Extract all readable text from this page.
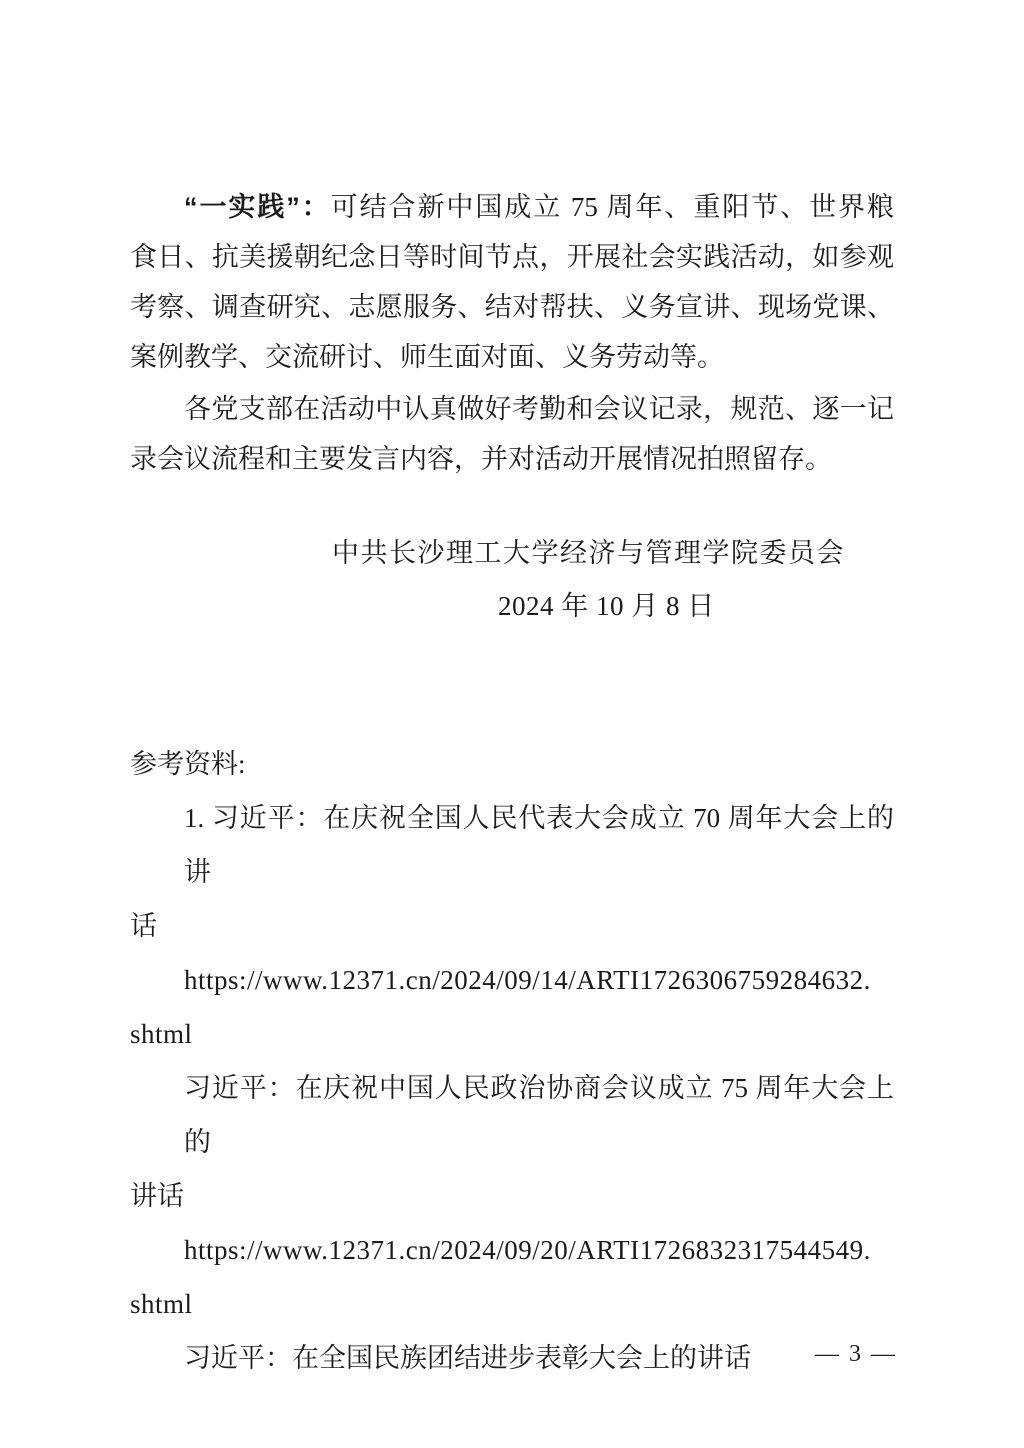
“一实践”：可结合新中国成立 75 周年、重阳节、世界粮
食日、抗美援朝纪念日等时间节点，开展社会实践活动，如参观
考察、调查研究、志愿服务、结对帮扶、义务宣讲、现场党课、
案例教学、交流研讨、师生面对面、义务劳动等。

各党支部在活动中认真做好考勤和会议记录，规范、逐一记
录会议流程和主要发言内容，并对活动开展情况拍照留存。

中共长沙理工大学经济与管理学院委员会
2024 年 10 月 8 日
参考资料:
1. 习近平：在庆祝全国人民代表大会成立 70 周年大会上的讲
话
https://www.12371.cn/2024/09/14/ARTI1726306759284632.
shtml
习近平：在庆祝中国人民政治协商会议成立 75 周年大会上的
讲话
https://www.12371.cn/2024/09/20/ARTI1726832317544549.
shtml
习近平：在全国民族团结进步表彰大会上的讲话	— 3 —
